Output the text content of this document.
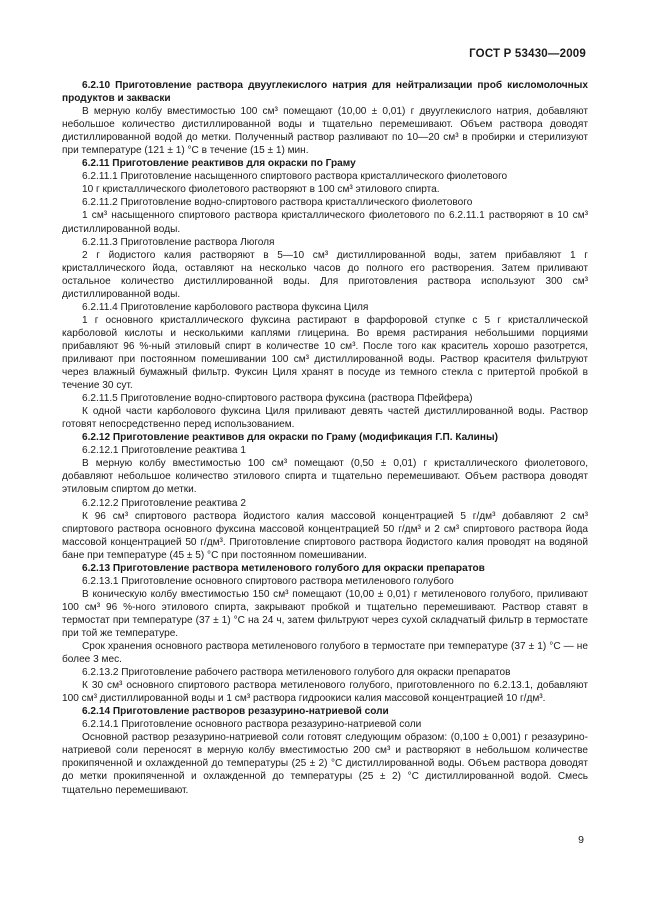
ГОСТ Р 53430—2009

6.2.10 Приготовление раствора двууглекислого натрия для нейтрализации проб кисломолочных продуктов и закваски

В мерную колбу вместимостью 100 см³ помещают (10,00 ± 0,01) г двууглекислого натрия, добавляют небольшое количество дистиллированной воды и тщательно перемешивают. Объем раствора доводят дистиллированной водой до метки. Полученный раствор разливают по 10—20 см³ в пробирки и стерилизуют при температуре (121 ± 1) °С в течение (15 ± 1) мин.

6.2.11 Приготовление реактивов для окраски по Граму

6.2.11.1 Приготовление насыщенного спиртового раствора кристаллического фиолетового

10 г кристаллического фиолетового растворяют в 100 см³ этилового спирта.

6.2.11.2 Приготовление водно-спиртового раствора кристаллического фиолетового

1 см³ насыщенного спиртового раствора кристаллического фиолетового по 6.2.11.1 растворяют в 10 см³ дистиллированной воды.

6.2.11.3 Приготовление раствора Люголя

2 г йодистого калия растворяют в 5—10 см³ дистиллированной воды, затем прибавляют 1 г кристаллического йода, оставляют на несколько часов до полного его растворения. Затем приливают остальное количество дистиллированной воды. Для приготовления раствора используют 300 см³ дистиллированной воды.

6.2.11.4 Приготовление карболового раствора фуксина Циля

1 г основного кристаллического фуксина растирают в фарфоровой ступке с 5 г кристаллической карболовой кислоты и несколькими каплями глицерина. Во время растирания небольшими порциями прибавляют 96 %-ный этиловый спирт в количестве 10 см³. После того как краситель хорошо разотрется, приливают при постоянном помешивании 100 см³ дистиллированной воды. Раствор красителя фильтруют через влажный бумажный фильтр. Фуксин Циля хранят в посуде из темного стекла с притертой пробкой в течение 30 сут.

6.2.11.5 Приготовление водно-спиртового раствора фуксина (раствора Пфейфера)

К одной части карболового фуксина Циля приливают девять частей дистиллированной воды. Раствор готовят непосредственно перед использованием.

6.2.12 Приготовление реактивов для окраски по Граму (модификация Г.П. Калины)

6.2.12.1 Приготовление реактива 1

В мерную колбу вместимостью 100 см³ помещают (0,50 ± 0,01) г кристаллического фиолетового, добавляют небольшое количество этилового спирта и тщательно перемешивают. Объем раствора доводят этиловым спиртом до метки.

6.2.12.2 Приготовление реактива 2

К 96 см³ спиртового раствора йодистого калия массовой концентрацией 5 г/дм³ добавляют 2 см³ спиртового раствора основного фуксина массовой концентрацией 50 г/дм³ и 2 см³ спиртового раствора йода массовой концентрацией 50 г/дм³. Приготовление спиртового раствора йодистого калия проводят на водяной бане при температуре (45 ± 5) °С при постоянном помешивании.

6.2.13 Приготовление раствора метиленового голубого для окраски препаратов

6.2.13.1 Приготовление основного спиртового раствора метиленового голубого

В коническую колбу вместимостью 150 см³ помещают (10,00 ± 0,01) г метиленового голубого, приливают 100 см³ 96 %-ного этилового спирта, закрывают пробкой и тщательно перемешивают. Раствор ставят в термостат при температуре (37 ± 1) °С на 24 ч, затем фильтруют через сухой складчатый фильтр в термостате при той же температуре.

Срок хранения основного раствора метиленового голубого в термостате при температуре (37 ± 1) °С — не более 3 мес.

6.2.13.2 Приготовление рабочего раствора метиленового голубого для окраски препаратов

К 30 см³ основного спиртового раствора метиленового голубого, приготовленного по 6.2.13.1, добавляют 100 см³ дистиллированной воды и 1 см³ раствора гидроокиси калия массовой концентрацией 10 г/дм³.

6.2.14 Приготовление растворов резазурино-натриевой соли

6.2.14.1 Приготовление основного раствора резазурино-натриевой соли

Основной раствор резазурино-натриевой соли готовят следующим образом: (0,100 ± 0,001) г резазурино-натриевой соли переносят в мерную колбу вместимостью 200 см³ и растворяют в небольшом количестве прокипяченной и охлажденной до температуры (25 ± 2) °С дистиллированной воды. Объем раствора доводят до метки прокипяченной и охлажденной до температуры (25 ± 2) °С дистиллированной водой. Смесь тщательно перемешивают.

9
